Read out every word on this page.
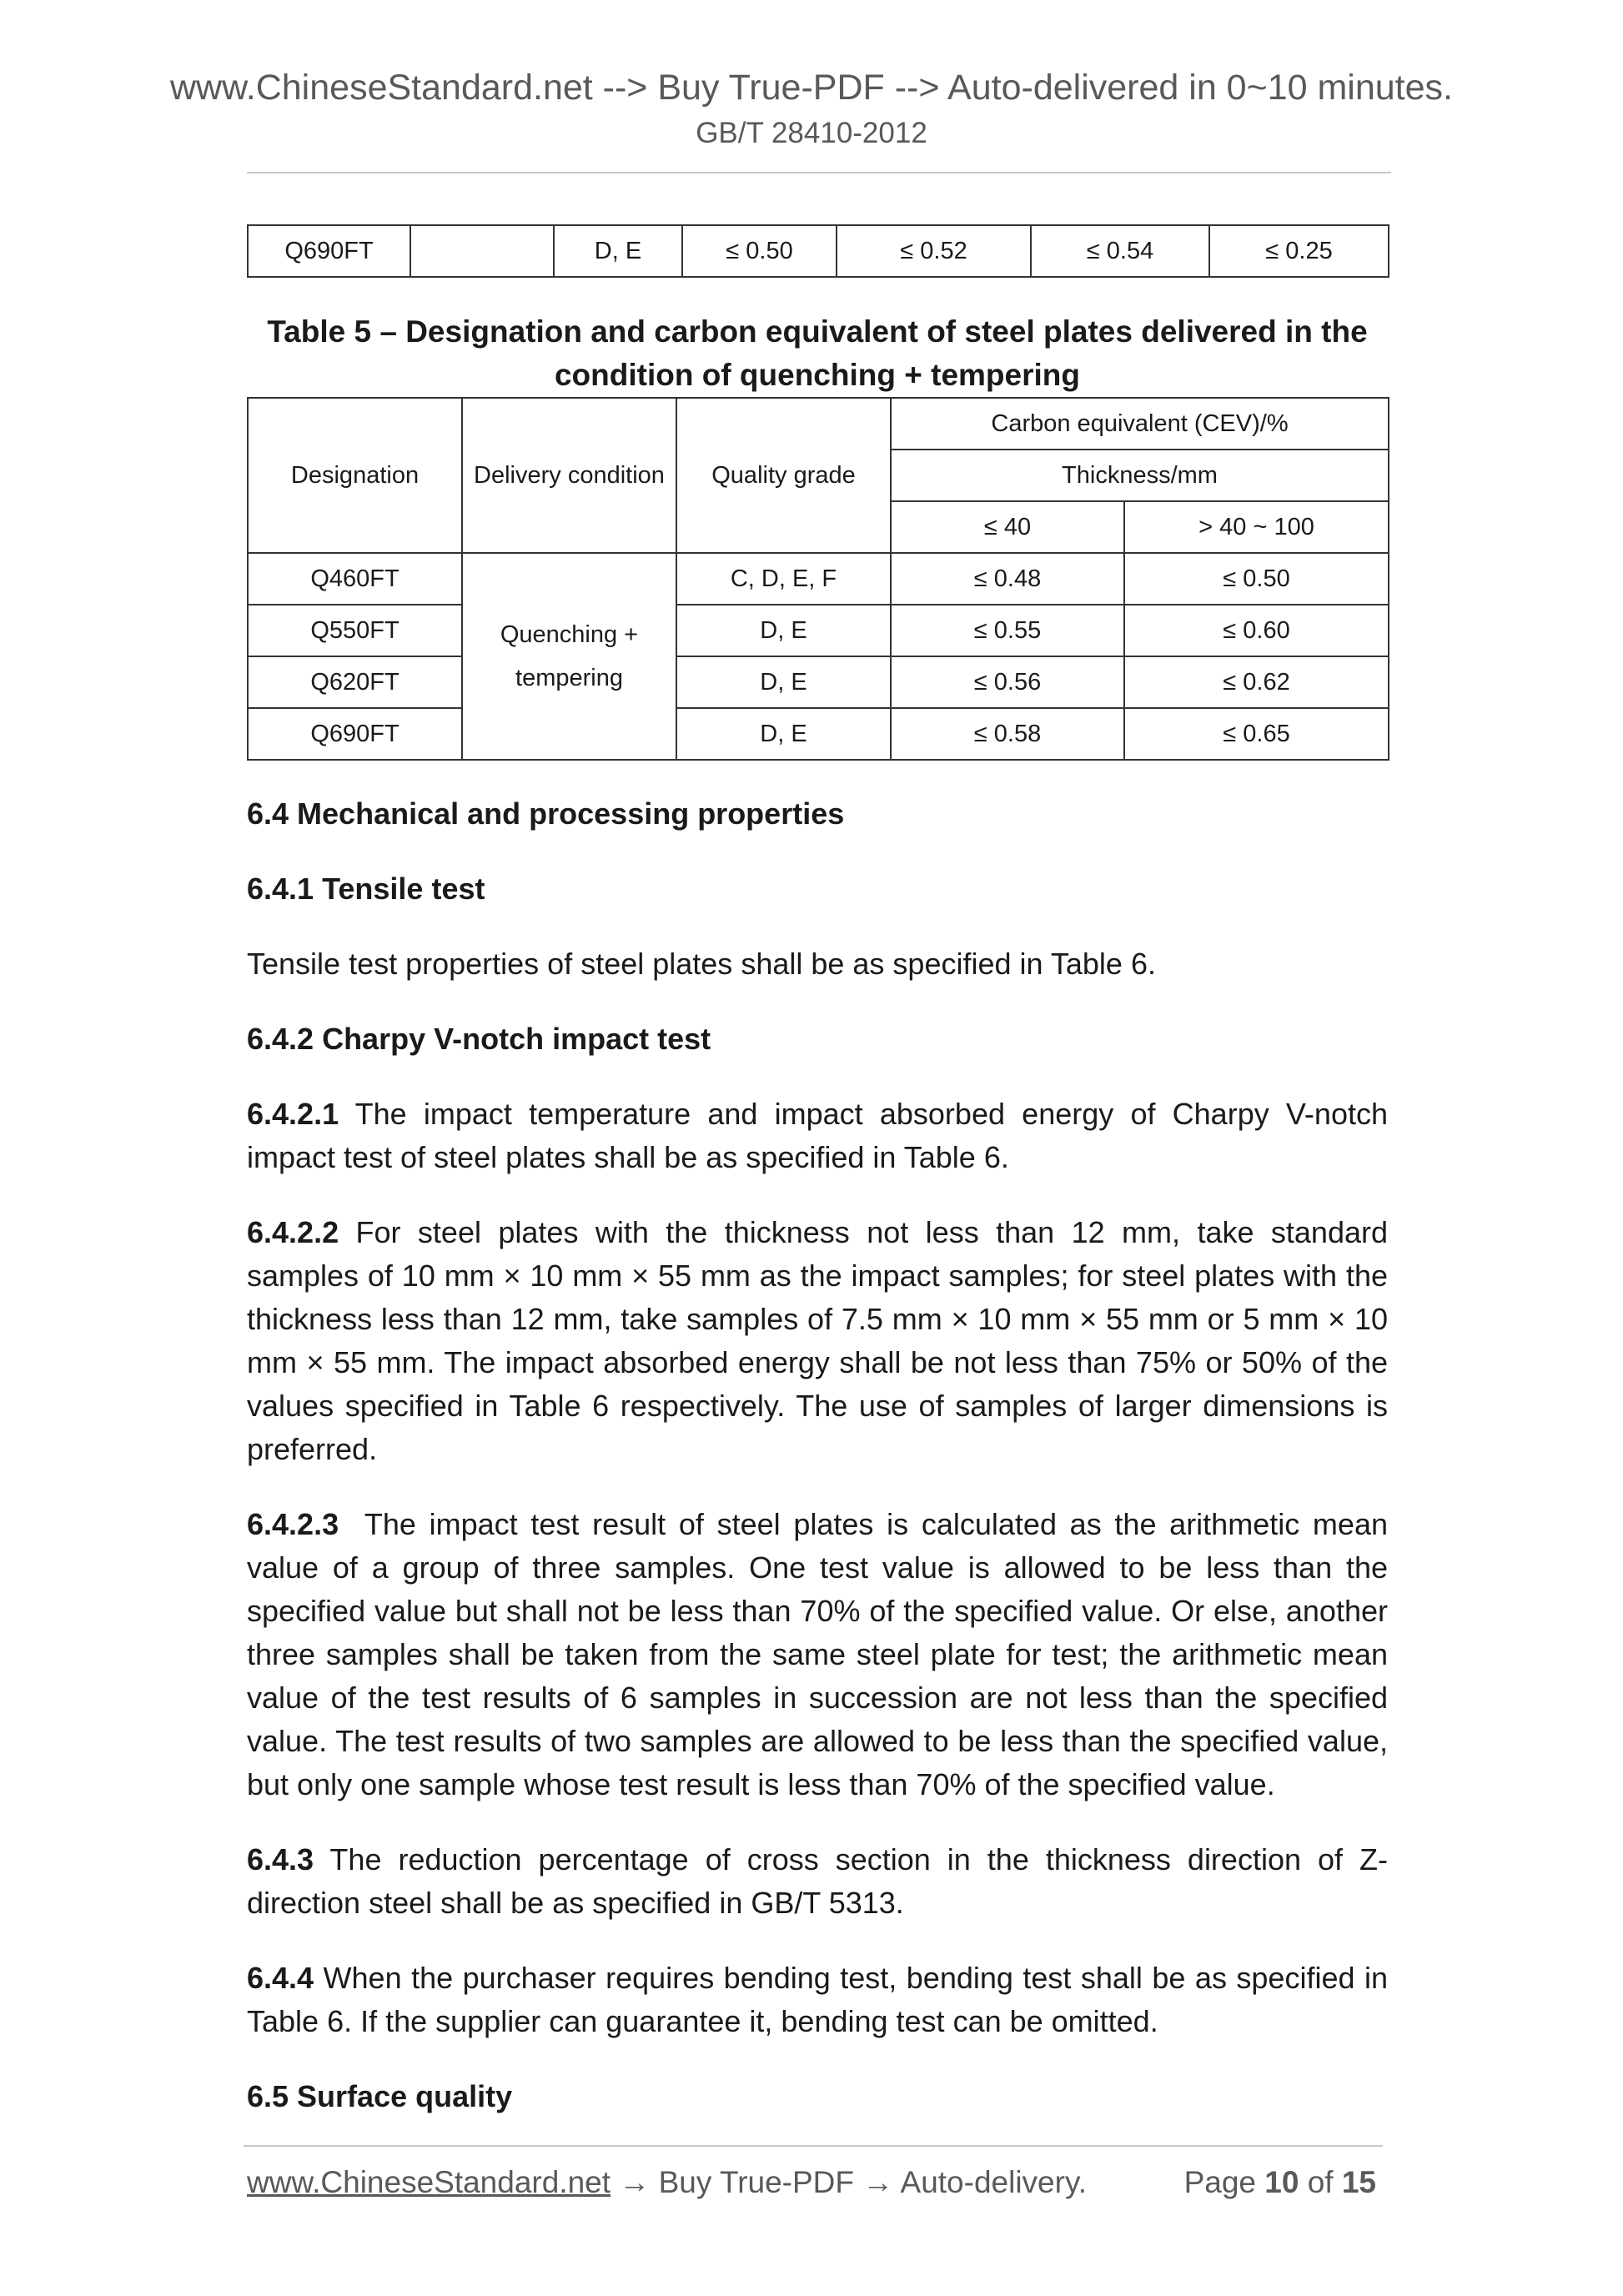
www.ChineseStandard.net --> Buy True-PDF --> Auto-delivered in 0~10 minutes.
GB/T 28410-2012
Q690FT		D, E	≤ 0.50	≤ 0.52	≤ 0.54	≤ 0.25
Table 5 – Designation and carbon equivalent of steel plates delivered in the condition of quenching + tempering
Designation	Delivery condition	Quality grade	Carbon equivalent (CEV)/%	
			Thickness/mm	
			≤ 40	> 40 ~ 100
Q460FT	Quenching + tempering	C, D, E, F	≤ 0.48	≤ 0.50
Q550FT		D, E	≤ 0.55	≤ 0.60
Q620FT		D, E	≤ 0.56	≤ 0.62
Q690FT		D, E	≤ 0.58	≤ 0.65
6.4 Mechanical and processing properties
6.4.1 Tensile test

Tensile test properties of steel plates shall be as specified in Table 6.

6.4.2 Charpy V-notch impact test

6.4.2.1 The impact temperature and impact absorbed energy of Charpy V-notch impact test of steel plates shall be as specified in Table 6.

6.4.2.2 For steel plates with the thickness not less than 12 mm, take standard samples of 10 mm × 10 mm × 55 mm as the impact samples; for steel plates with the thickness less than 12 mm, take samples of 7.5 mm × 10 mm × 55 mm or 5 mm × 10 mm × 55 mm. The impact absorbed energy shall be not less than 75% or 50% of the values specified in Table 6 respectively. The use of samples of larger dimensions is preferred.

6.4.2.3  The impact test result of steel plates is calculated as the arithmetic mean value of a group of three samples. One test value is allowed to be less than the specified value but shall not be less than 70% of the specified value. Or else, another three samples shall be taken from the same steel plate for test; the arithmetic mean value of the test results of 6 samples in succession are not less than the specified value. The test results of two samples are allowed to be less than the specified value, but only one sample whose test result is less than 70% of the specified value.

6.4.3 The reduction percentage of cross section in the thickness direction of Z-direction steel shall be as specified in GB/T 5313.

6.4.4 When the purchaser requires bending test, bending test shall be as specified in Table 6. If the supplier can guarantee it, bending test can be omitted.

6.5 Surface quality
www.ChineseStandard.net → Buy True-PDF → Auto-delivery.	Page 10 of 15
